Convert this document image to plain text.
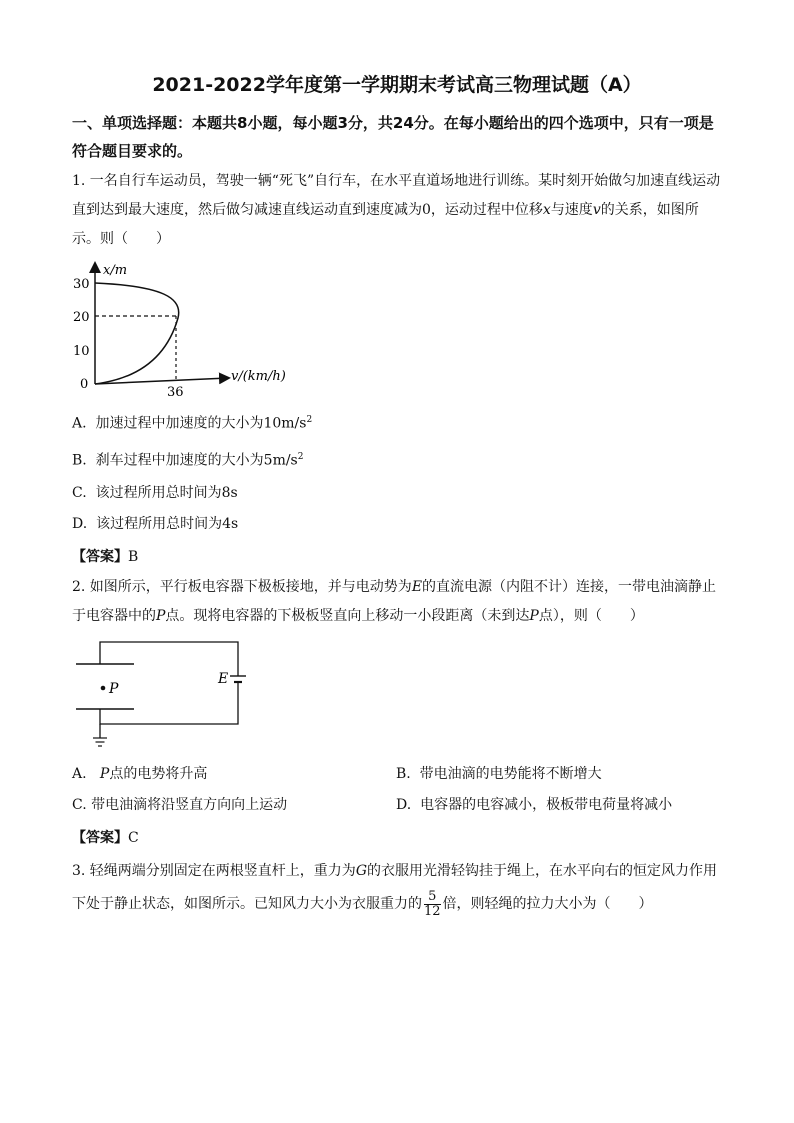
2021-2022学年度第一学期期末考试高三物理试题（A）
一、单项选择题：本题共8小题，每小题3分，共24分。在每小题给出的四个选项中，只有一项是符合题目要求的。
1. 一名自行车运动员，驾驶一辆“死飞”自行车，在水平直道场地进行训练。某时刻开始做匀加速直线运动直到达到最大速度，然后做匀减速直线运动直到速度减为0，运动过程中位移x与速度v的关系，如图所示。则（　　）
x/m
30
20
10
0
36
v/(km/h)
A. 加速过程中加速度的大小为$10m/s^2$
B. 刹车过程中加速度的大小为$5m/s^2$
C. 该过程所用总时间为8s
D. 该过程所用总时间为4s
【答案】B
2. 如图所示，平行板电容器下极板接地，并与电动势为E的直流电源（内阻不计）连接，一带电油滴静止于电容器中的P点。现将电容器的下极板竖直向上移动一小段距离（未到达P点），则（　　）
P
E
A. P点的电势将升高	B. 带电油滴的电势能将不断增大
C. 带电油滴将沿竖直方向向上运动	D. 电容器的电容减小，极板带电荷量将减小
【答案】C
3. 轻绳两端分别固定在两根竖直杆上，重力为G的衣服用光滑轻钩挂于绳上，在水平向右的恒定风力作用下处于静止状态，如图所示。已知风力大小为衣服重力的 $\frac{5}{12}$ 倍，则轻绳的拉力大小为（　　）
